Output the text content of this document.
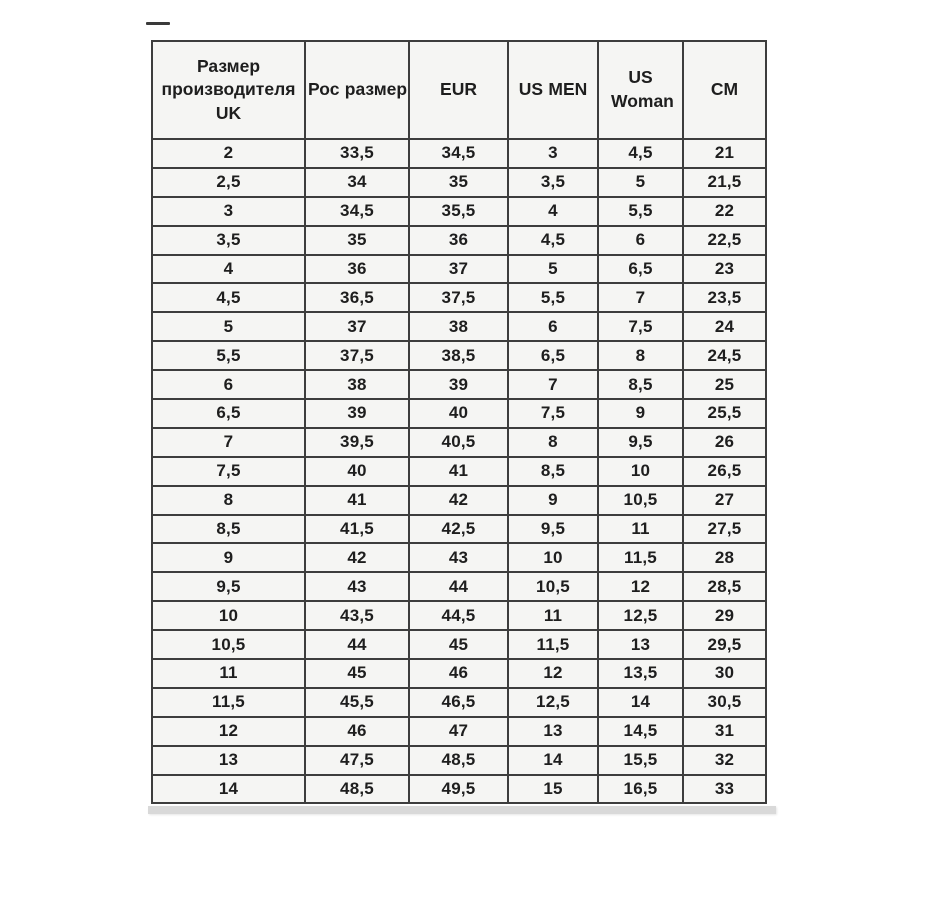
Размер производителя UK	Рос размер	EUR	US MEN	US Woman	CM
2	33,5	34,5	3	4,5	21
2,5	34	35	3,5	5	21,5
3	34,5	35,5	4	5,5	22
3,5	35	36	4,5	6	22,5
4	36	37	5	6,5	23
4,5	36,5	37,5	5,5	7	23,5
5	37	38	6	7,5	24
5,5	37,5	38,5	6,5	8	24,5
6	38	39	7	8,5	25
6,5	39	40	7,5	9	25,5
7	39,5	40,5	8	9,5	26
7,5	40	41	8,5	10	26,5
8	41	42	9	10,5	27
8,5	41,5	42,5	9,5	11	27,5
9	42	43	10	11,5	28
9,5	43	44	10,5	12	28,5
10	43,5	44,5	11	12,5	29
10,5	44	45	11,5	13	29,5
11	45	46	12	13,5	30
11,5	45,5	46,5	12,5	14	30,5
12	46	47	13	14,5	31
13	47,5	48,5	14	15,5	32
14	48,5	49,5	15	16,5	33
